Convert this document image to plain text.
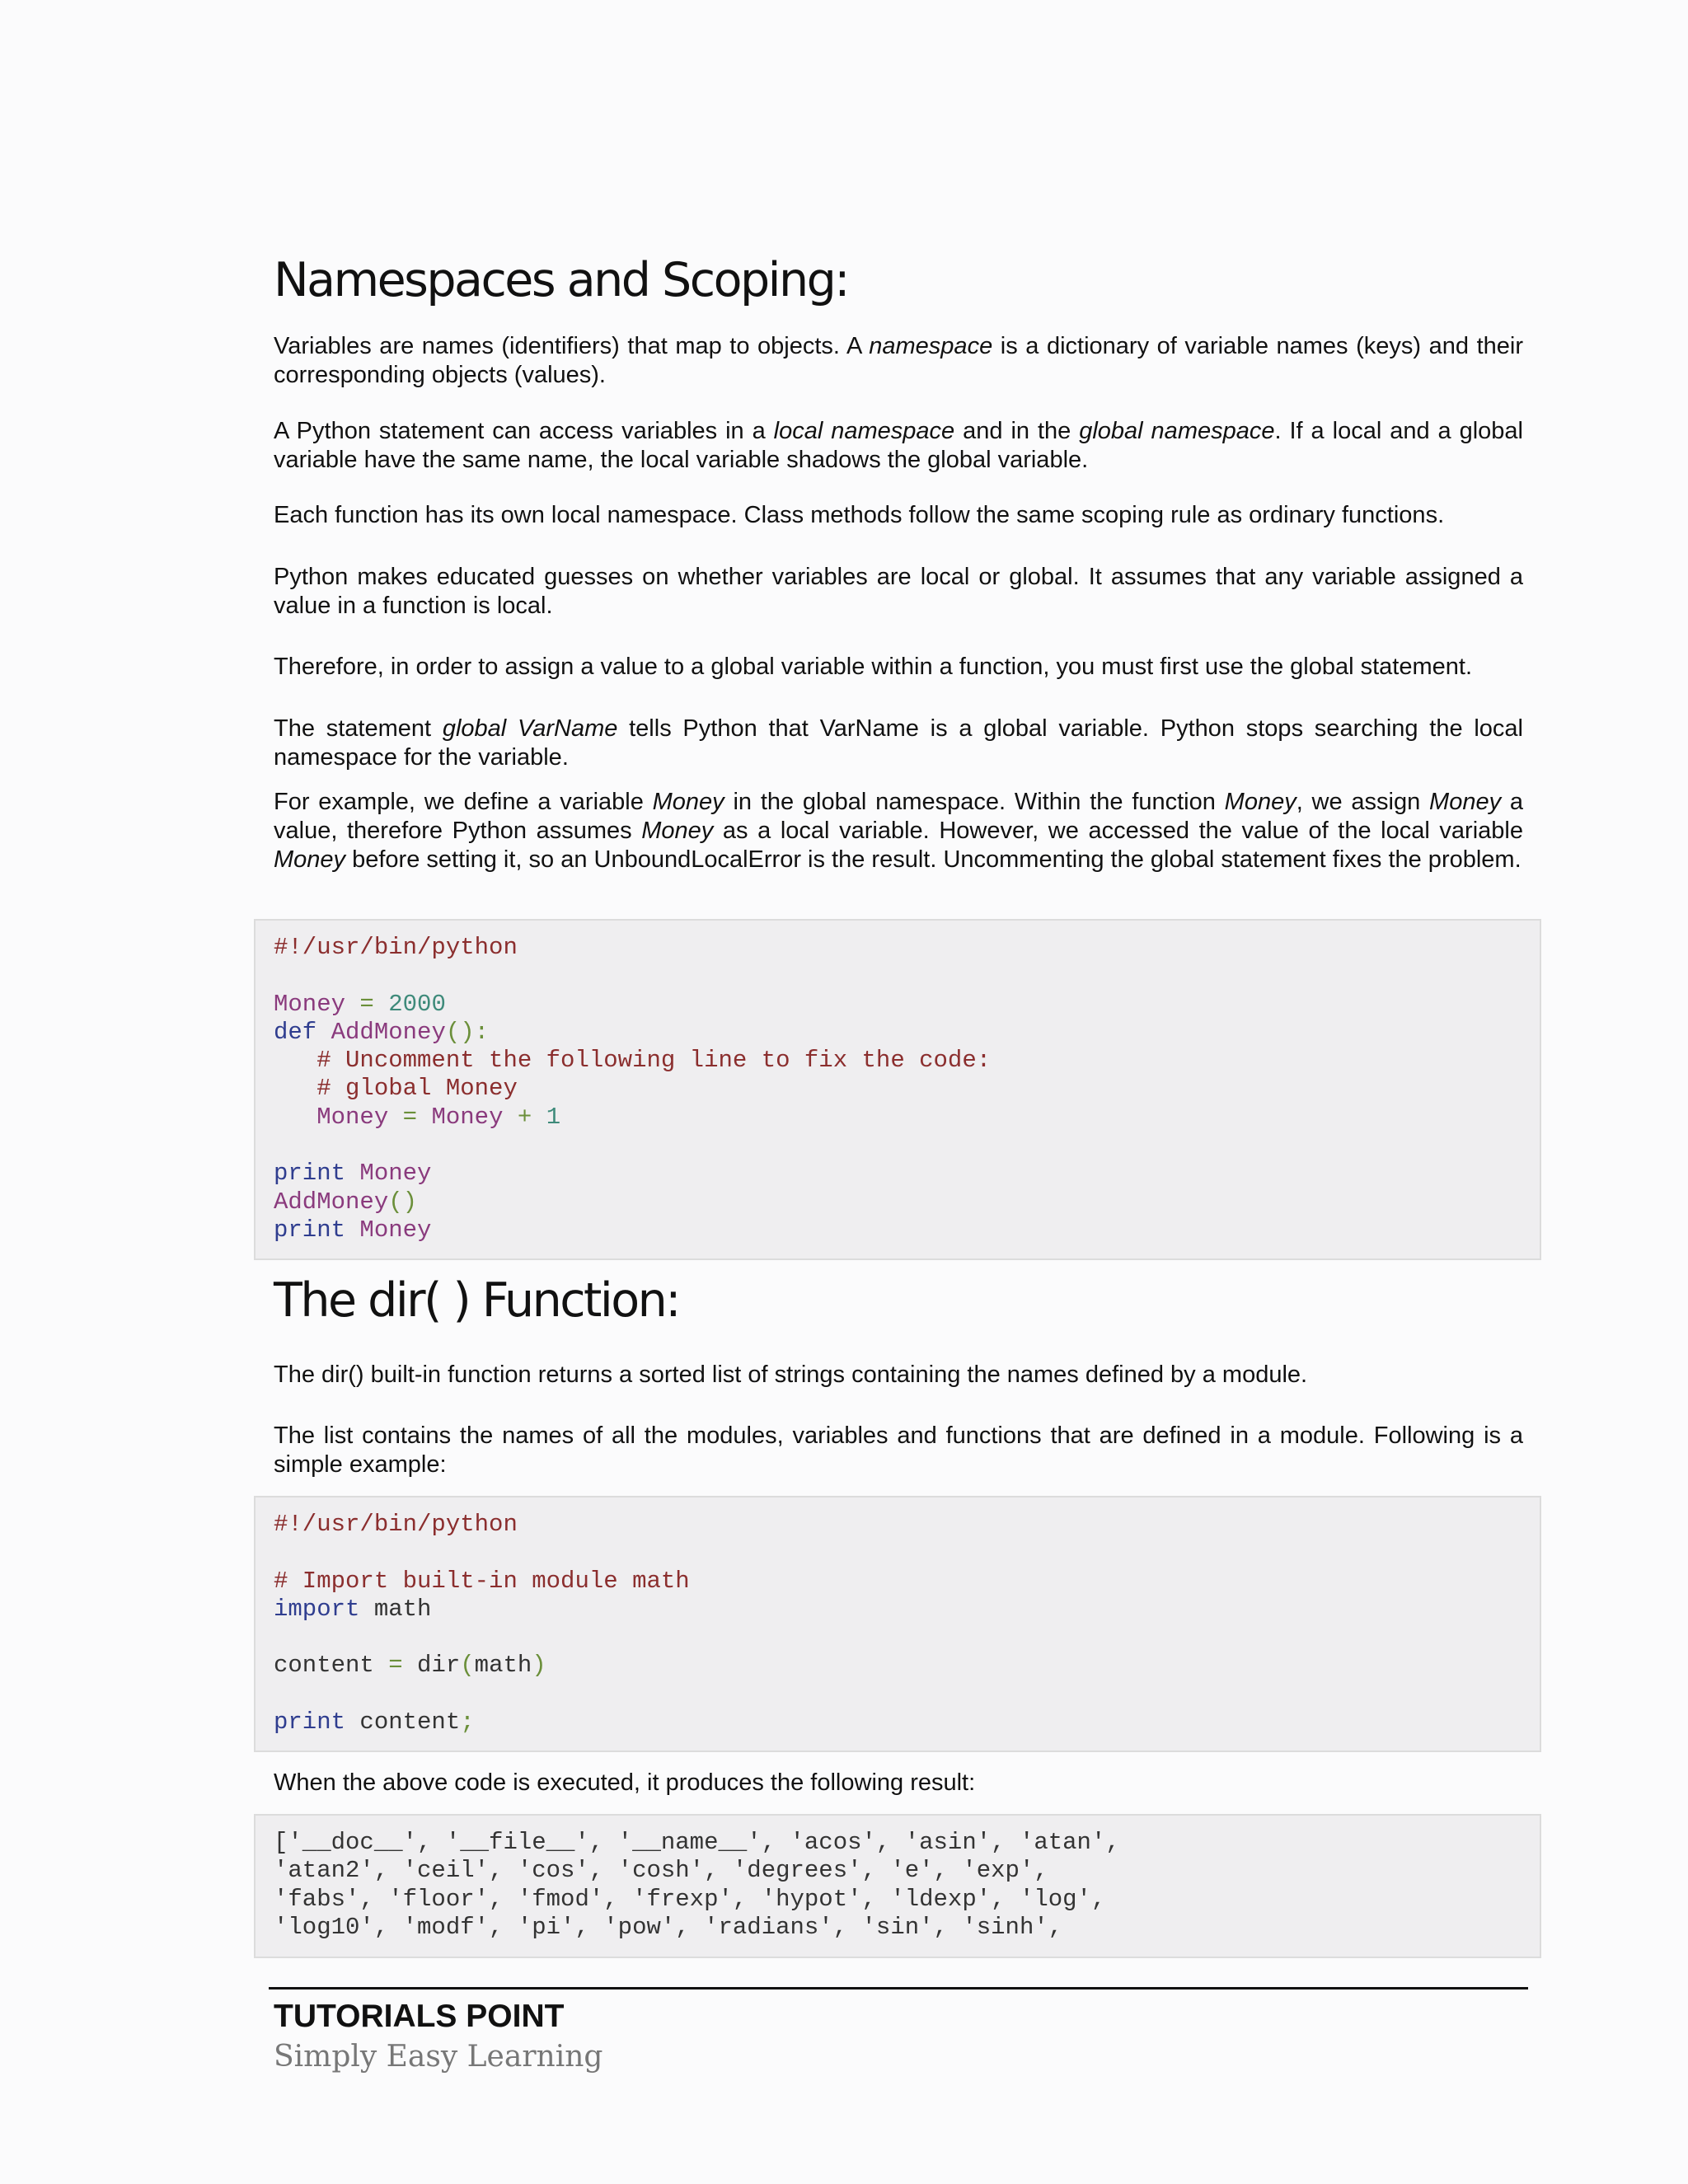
Namespaces and Scoping:

Variables are names (identifiers) that map to objects. A namespace is a dictionary of variable names (keys) and their corresponding objects (values).

A Python statement can access variables in a local namespace and in the global namespace. If a local and a global variable have the same name, the local variable shadows the global variable.

Each function has its own local namespace. Class methods follow the same scoping rule as ordinary functions.

Python makes educated guesses on whether variables are local or global. It assumes that any variable assigned a value in a function is local.

Therefore, in order to assign a value to a global variable within a function, you must first use the global statement.

The statement global VarName tells Python that VarName is a global variable. Python stops searching the local namespace for the variable.

For example, we define a variable Money in the global namespace. Within the function Money, we assign Money a value, therefore Python assumes Money as a local variable. However, we accessed the value of the local variable Money before setting it, so an UnboundLocalError is the result. Uncommenting the global statement fixes the problem.

#!/usr/bin/python

Money = 2000
def AddMoney():
# Uncomment the following line to fix the code:
# global Money
Money = Money + 1

print Money
AddMoney()
print Money
The dir( ) Function:

The dir() built-in function returns a sorted list of strings containing the names defined by a module.

The list contains the names of all the modules, variables and functions that are defined in a module. Following is a simple example:

#!/usr/bin/python

# Import built-in module math
import math

content = dir(math)

print content;

When the above code is executed, it produces the following result:

['__doc__', '__file__', '__name__', 'acos', 'asin', 'atan',
'atan2', 'ceil', 'cos', 'cosh', 'degrees', 'e', 'exp',
'fabs', 'floor', 'fmod', 'frexp', 'hypot', 'ldexp', 'log',
'log10', 'modf', 'pi', 'pow', 'radians', 'sin', 'sinh',

TUTORIALS POINT

Simply Easy Learning
